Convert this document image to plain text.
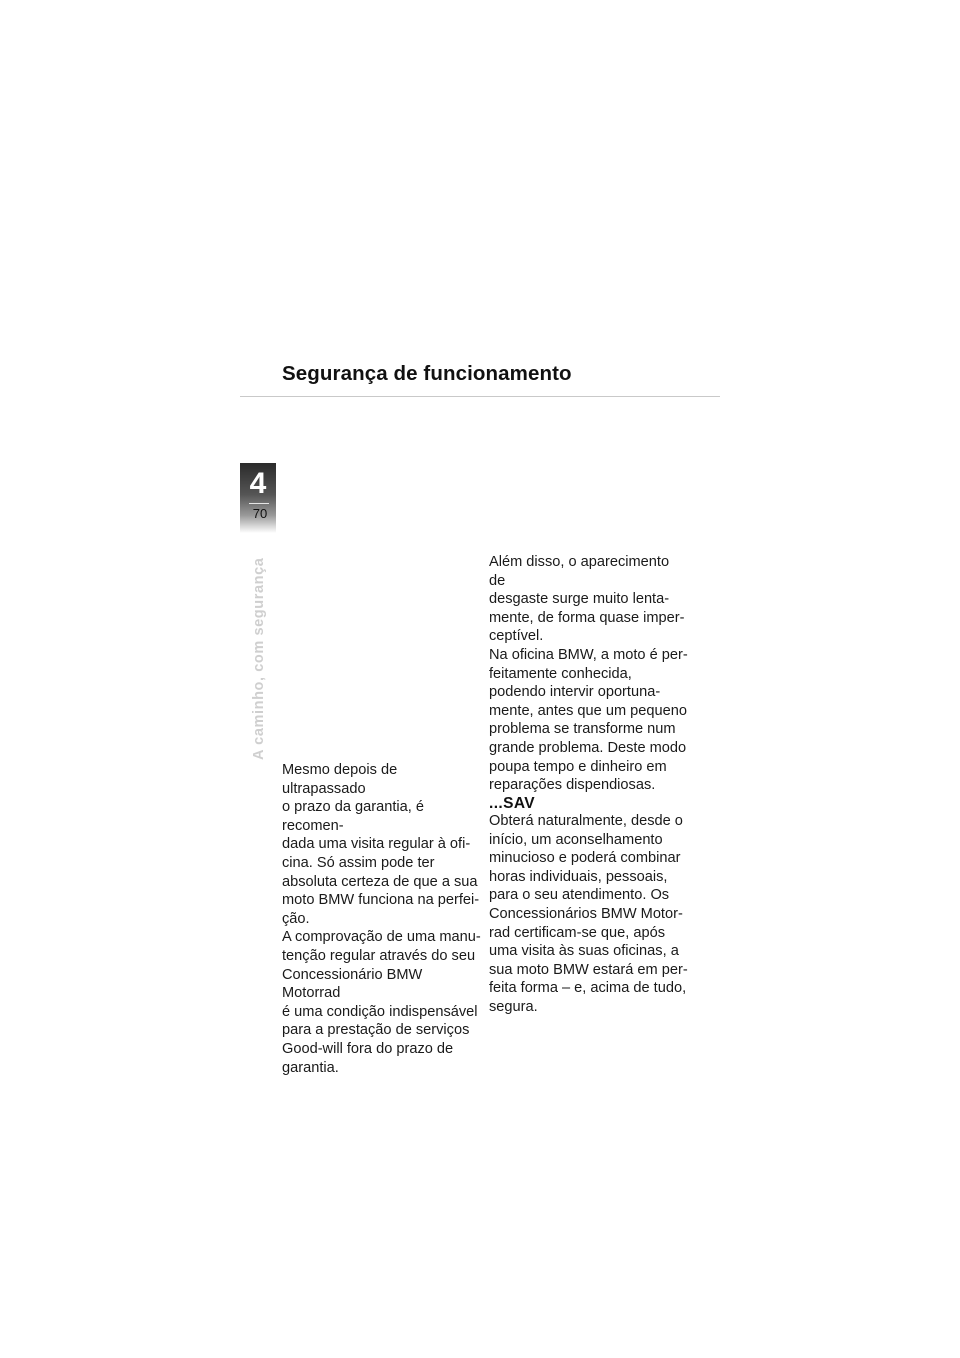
Segurança de funcionamento
4
70
A caminho, com segurança

Mesmo depois de ultrapassado
o prazo da garantia, é recomen-
dada uma visita regular à ofi-
cina. Só assim pode ter
absoluta certeza de que a sua
moto BMW funciona na perfei-
ção.

A comprovação de uma manu-
tenção regular através do seu
Concessionário BMW Motorrad
é uma condição indispensável
para a prestação de serviços
Good-will fora do prazo de
garantia.

Além disso, o aparecimento de
desgaste surge muito lenta-
mente, de forma quase imper-
ceptível.

Na oficina BMW, a moto é per-
feitamente conhecida,
podendo intervir oportuna-
mente, antes que um pequeno
problema se transforme num
grande problema. Deste modo
poupa tempo e dinheiro em
reparações dispendiosas.

...SAV

Obterá naturalmente, desde o
início, um aconselhamento
minucioso e poderá combinar
horas individuais, pessoais,
para o seu atendimento. Os
Concessionários BMW Motor-
rad certificam-se que, após
uma visita às suas oficinas, a
sua moto BMW estará em per-
feita forma – e, acima de tudo,
segura.
